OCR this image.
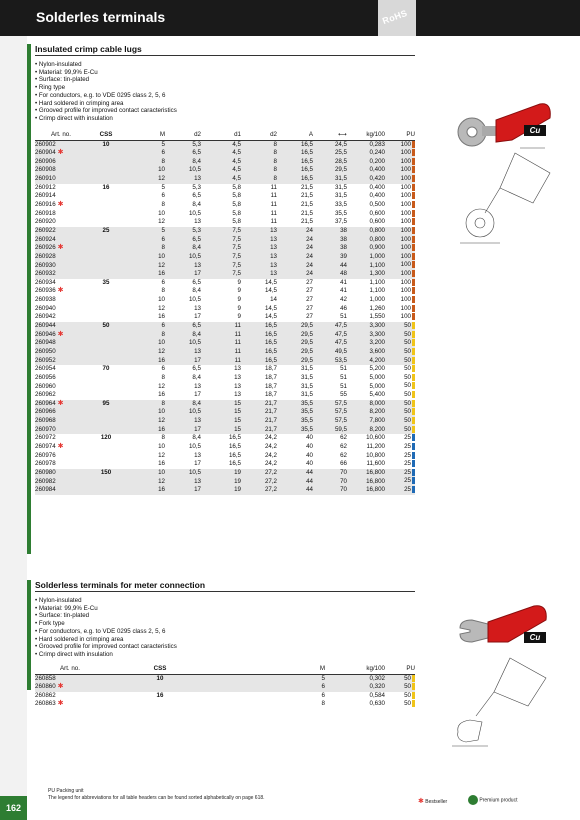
Solderles terminals	RoHS
162
Insulated crimp cable lugs
• Nylon-insulated
• Material: 99,9% E-Cu
• Surface: tin-plated
• Ring type
• For conductors, e.g. to VDE 0295 class 2, 5, 6
• Hard soldered in crimping area
• Grooved profile for improved contact caracteristics
• Crimp direct with insulation
Art. no.	CSS	M	d2	d1	d2	A	⟷	kg/100	PU
260902	10	5	5,3	4,5	8	16,5	24,5	0,283	100
260904 ✱		6	6,5	4,5	8	16,5	25,5	0,240	100
260906		8	8,4	4,5	8	16,5	28,5	0,200	100
260908		10	10,5	4,5	8	16,5	29,5	0,400	100
260910		12	13	4,5	8	16,5	31,5	0,420	100
260912	16	5	5,3	5,8	11	21,5	31,5	0,400	100
260914		6	6,5	5,8	11	21,5	31,5	0,400	100
260916 ✱		8	8,4	5,8	11	21,5	33,5	0,500	100
260918		10	10,5	5,8	11	21,5	35,5	0,600	100
260920		12	13	5,8	11	21,5	37,5	0,600	100
260922	25	5	5,3	7,5	13	24	38	0,800	100
260924		6	6,5	7,5	13	24	38	0,800	100
260926 ✱		8	8,4	7,5	13	24	38	0,900	100
260928		10	10,5	7,5	13	24	39	1,000	100
260930		12	13	7,5	13	24	44	1,100	100
260932		16	17	7,5	13	24	48	1,300	100
260934	35	6	6,5	9	14,5	27	41	1,100	100
260936 ✱		8	8,4	9	14,5	27	41	1,100	100
260938		10	10,5	9	14	27	42	1,000	100
260940		12	13	9	14,5	27	46	1,260	100
260942		16	17	9	14,5	27	51	1,550	100
260944	50	6	6,5	11	16,5	29,5	47,5	3,300	50
260946 ✱		8	8,4	11	16,5	29,5	47,5	3,300	50
260948		10	10,5	11	16,5	29,5	47,5	3,200	50
260950		12	13	11	16,5	29,5	49,5	3,600	50
260952		16	17	11	16,5	29,5	53,5	4,200	50
260954	70	6	6,5	13	18,7	31,5	51	5,200	50
260956		8	8,4	13	18,7	31,5	51	5,000	50
260960		12	13	13	18,7	31,5	51	5,000	50
260962		16	17	13	18,7	31,5	55	5,400	50
260964 ✱	95	8	8,4	15	21,7	35,5	57,5	8,000	50
260966		10	10,5	15	21,7	35,5	57,5	8,200	50
260968		12	13	15	21,7	35,5	57,5	7,800	50
260970		16	17	15	21,7	35,5	59,5	8,200	50
260972	120	8	8,4	16,5	24,2	40	62	10,600	25
260974 ✱		10	10,5	16,5	24,2	40	62	11,200	25
260976		12	13	16,5	24,2	40	62	10,800	25
260978		16	17	16,5	24,2	40	66	11,600	25
260980	150	10	10,5	19	27,2	44	70	16,800	25
260982		12	13	19	27,2	44	70	16,800	25
260984		16	17	19	27,2	44	70	16,800	25
Cu
Solderless terminals for meter connection
• Nylon-insulated
• Material: 99,9% E-Cu
• Surface: tin-plated
• Fork type
• For conductors, e.g. to VDE 0295 class 2, 5, 6
• Hard soldered in crimping area
• Grooved profile for improved contact caracteristics
• Crimp direct with insulation
Art. no.	CSS	M	kg/100	PU
260858	10	5	0,302	50
260860 ✱		6	0,320	50
260862	16	6	0,584	50
260863 ✱		8	0,630	50
Cu
PU Packing unit
The legend for abbreviations for all table headers can be found sorted alphabetically on page 618.
✱ Bestseller	Premium product
